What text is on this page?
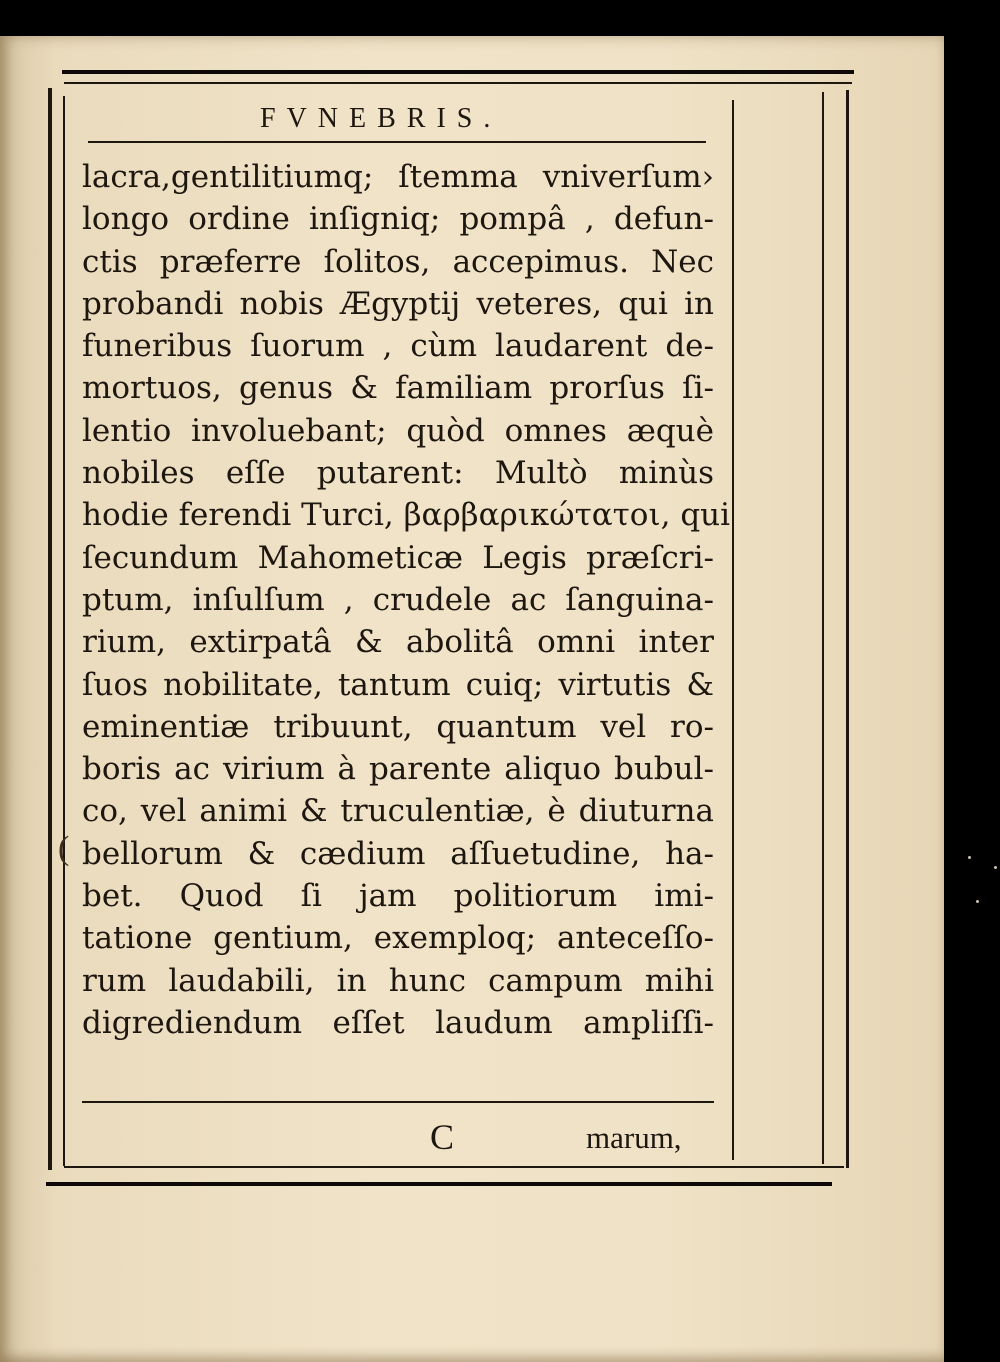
FVNEBRIS.
lacra,gentilitiumq; ſtemma vniverſum›
longo ordine inſigniq; pompâ , defun-
ctis præferre ſolitos, accepimus. Nec
probandi nobis Ægyptij veteres, qui in
funeribus ſuorum , cùm laudarent de-
mortuos, genus & familiam prorſus ſi-
lentio involuebant; quòd omnes æquè
nobiles eſſe putarent: Multò minùs
hodie ferendi Turci, βαρβαρικώτατοι, qui
ſecundum Mahometicæ Legis præſcri-
ptum, inſulſum , crudele ac ſanguina-
rium, extirpatâ & abolitâ omni inter
ſuos nobilitate, tantum cuiq; virtutis &
eminentiæ tribuunt, quantum vel ro-
boris ac virium à parente aliquo bubul-
co, vel animi & truculentiæ, è diuturna
bellorum & cædium aſſuetudine, ha-
bet. Quod ſi jam politiorum imi-
tatione gentium, exemploq; anteceſſo-
rum laudabili, in hunc campum mihi
digrediendum eſſet laudum ampliſſi-
(
C	marum,
